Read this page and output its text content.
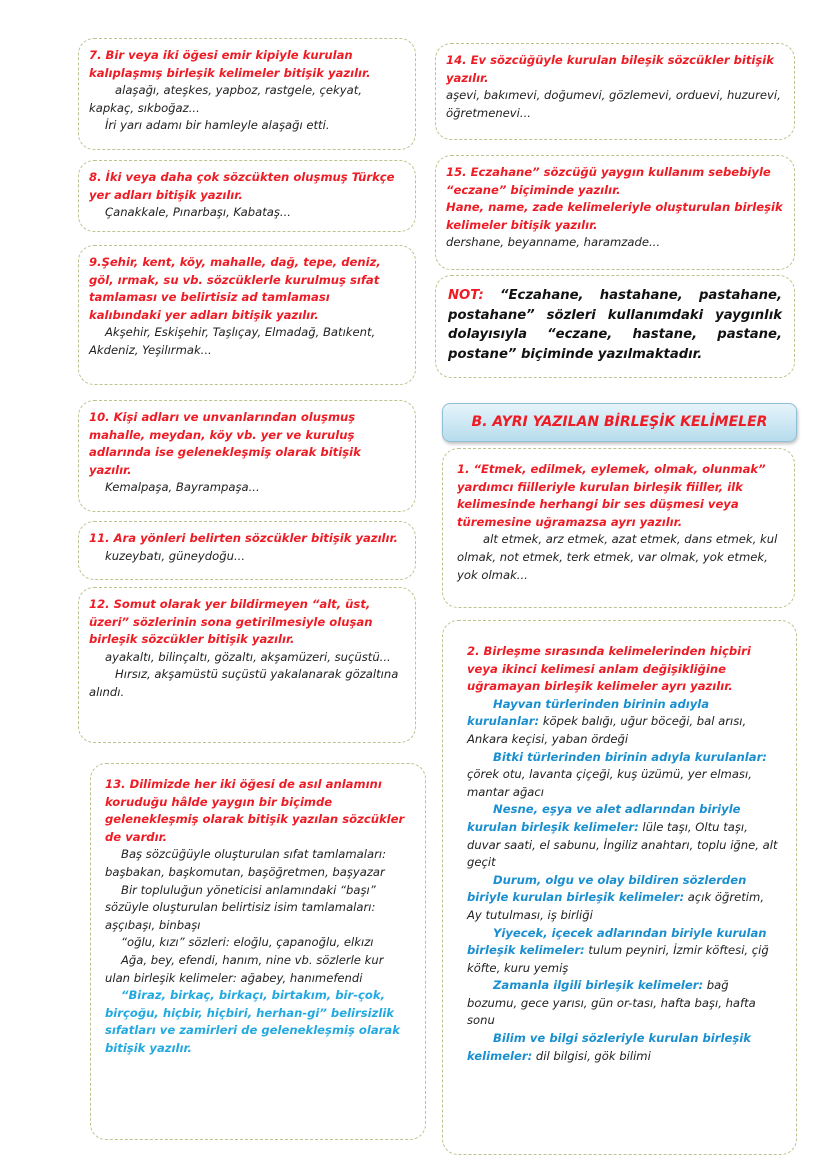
7. Bir veya iki öğesi emir kipiyle kurulan kalıplaşmış birleşik kelimeler bitişik yazılır.

alaşağı, ateşkes, yapboz, rastgele, çekyat, kapkaç, sıkboğaz...

İri yarı adamı bir hamleyle alaşağı etti.

8. İki veya daha çok sözcükten oluşmuş Türkçe yer adları bitişik yazılır.

Çanakkale, Pınarbaşı, Kabataş...

9.Şehir, kent, köy, mahalle, dağ, tepe, deniz, göl, ırmak, su vb. sözcüklerle kurulmuş sıfat tamlaması ve belirtisiz ad tamlaması kalıbındaki yer adları bitişik yazılır.

Akşehir, Eskişehir, Taşlıçay, Elmadağ, Batıkent, Akdeniz, Yeşilırmak...

10. Kişi adları ve unvanlarından oluşmuş mahalle, meydan, köy vb. yer ve kuruluş adlarında ise gelenekleşmiş olarak bitişik yazılır.

Kemalpaşa, Bayrampaşa...

11. Ara yönleri belirten sözcükler bitişik yazılır.

kuzeybatı, güneydoğu...

12. Somut olarak yer bildirmeyen “alt, üst, üzeri” sözlerinin sona getirilmesiyle oluşan birleşik sözcükler bitişik yazılır.

ayakaltı, bilinçaltı, gözaltı, akşamüzeri, suçüstü...

Hırsız, akşamüstü suçüstü yakalanarak gözaltına alındı.

13. Dilimizde her iki öğesi de asıl anlamını koruduğu hâlde yaygın bir biçimde gelenekleşmiş olarak bitişik yazılan sözcükler de vardır.

Baş sözcüğüyle oluşturulan sıfat tamlamaları: başbakan, başkomutan, başöğretmen, başyazar

Bir topluluğun yöneticisi anlamındaki “başı” sözüyle oluşturulan belirtisiz isim tamlamaları: aşçıbaşı, binbaşı

“oğlu, kızı” sözleri: eloğlu, çapanoğlu, elkızı

Ağa, bey, efendi, hanım, nine vb. sözlerle kur ulan birleşik kelimeler: ağabey, hanımefendi

“Biraz, birkaç, birkaçı, birtakım, bir-çok, birçoğu, hiçbir, hiçbiri, herhan-gi” belirsizlik sıfatları ve zamirleri de gelenekleşmiş olarak bitişik yazılır.

14. Ev sözcüğüyle kurulan bileşik sözcükler bitişik yazılır.

aşevi, bakımevi, doğumevi, gözlemevi, orduevi, huzurevi, öğretmenevi...

15. Eczahane” sözcüğü yaygın kullanım sebebiyle “eczane” biçiminde yazılır.

Hane, name, zade kelimeleriyle oluşturulan birleşik kelimeler bitişik yazılır.

dershane, beyanname, haramzade...

NOT: “Eczahane, hastahane, pastahane, postahane” sözleri kullanımdaki yaygınlık dolayısıyla “eczane, hastane, pastane, postane” biçiminde yazılmaktadır.
B. AYRI YAZILAN BİRLEŞİK KELİMELER

1. “Etmek, edilmek, eylemek, olmak, olunmak” yardımcı fiilleriyle kurulan birleşik fiiller, ilk kelimesinde herhangi bir ses düşmesi veya türemesine uğramazsa ayrı yazılır.

alt etmek, arz etmek, azat etmek, dans etmek, kul olmak, not etmek, terk etmek, var olmak, yok etmek, yok olmak...

2. Birleşme sırasında kelimelerinden hiçbiri veya ikinci kelimesi anlam değişikliğine uğramayan birleşik kelimeler ayrı yazılır.

Hayvan türlerinden birinin adıyla kurulanlar: köpek balığı, uğur böceği, bal arısı, Ankara keçisi, yaban ördeği

Bitki türlerinden birinin adıyla kurulanlar: çörek otu, lavanta çiçeği, kuş üzümü, yer elması, mantar ağacı

Nesne, eşya ve alet adlarından biriyle kurulan birleşik kelimeler: lüle taşı, Oltu taşı, duvar saati, el sabunu, İngiliz anahtarı, toplu iğne, alt geçit

Durum, olgu ve olay bildiren sözlerden biriyle kurulan birleşik kelimeler: açık öğretim, Ay tutulması, iş birliği

Yiyecek, içecek adlarından biriyle kurulan birleşik kelimeler: tulum peyniri, İzmir köftesi, çiğ köfte, kuru yemiş

Zamanla ilgili birleşik kelimeler: bağ bozumu, gece yarısı, gün or-tası, hafta başı, hafta sonu

Bilim ve bilgi sözleriyle kurulan birleşik kelimeler: dil bilgisi, gök bilimi
